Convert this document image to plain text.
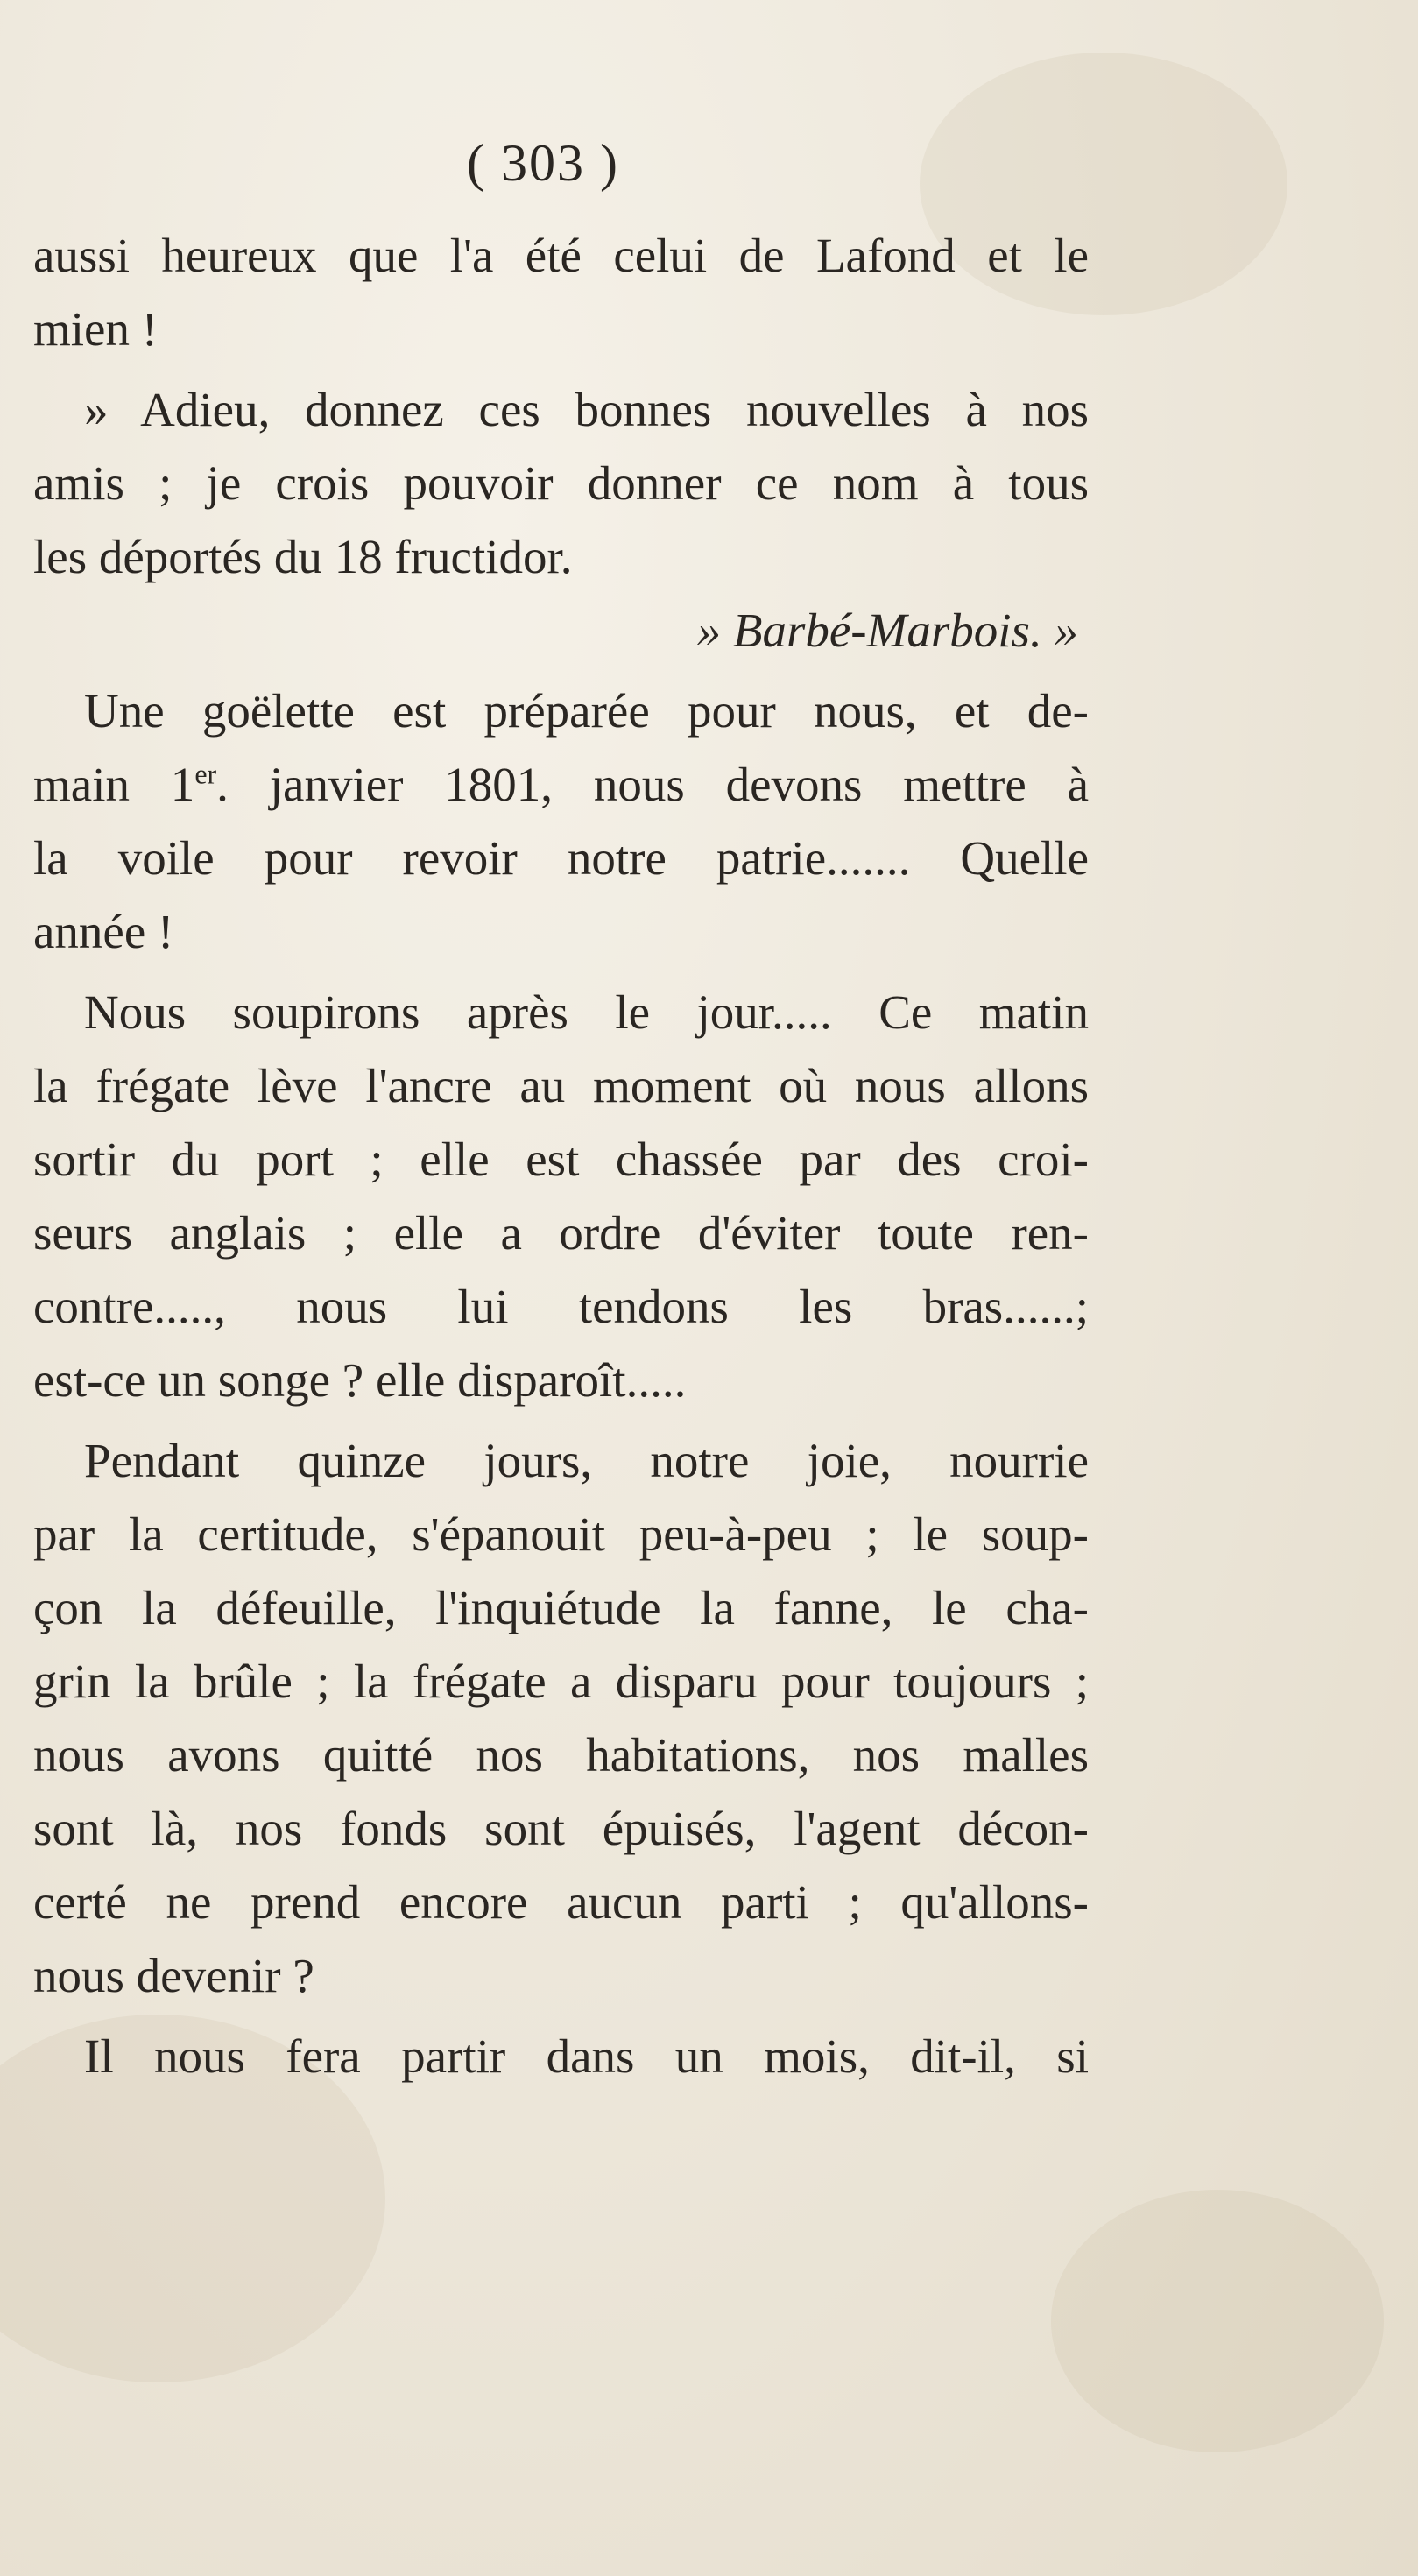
( 303 )
aussi heureux que l'a été celui de Lafond et le
mien !
» Adieu, donnez ces bonnes nouvelles à nos
amis ; je crois pouvoir donner ce nom à tous
les déportés du 18 fructidor.
» Barbé-Marbois. »
Une goëlette est préparée pour nous, et de-
main 1er. janvier 1801, nous devons mettre à
la voile pour revoir notre patrie....... Quelle
année !
Nous soupirons après le jour..... Ce matin
la frégate lève l'ancre au moment où nous allons
sortir du port ; elle est chassée par des croi-
seurs anglais ; elle a ordre d'éviter toute ren-
contre....., nous lui tendons les bras......;
est-ce un songe ? elle disparoît.....
Pendant quinze jours, notre joie, nourrie
par la certitude, s'épanouit peu-à-peu ; le soup-
çon la défeuille, l'inquiétude la fanne, le cha-
grin la brûle ; la frégate a disparu pour toujours ;
nous avons quitté nos habitations, nos malles
sont là, nos fonds sont épuisés, l'agent décon-
certé ne prend encore aucun parti ; qu'allons-
nous devenir ?
Il nous fera partir dans un mois, dit-il, si
